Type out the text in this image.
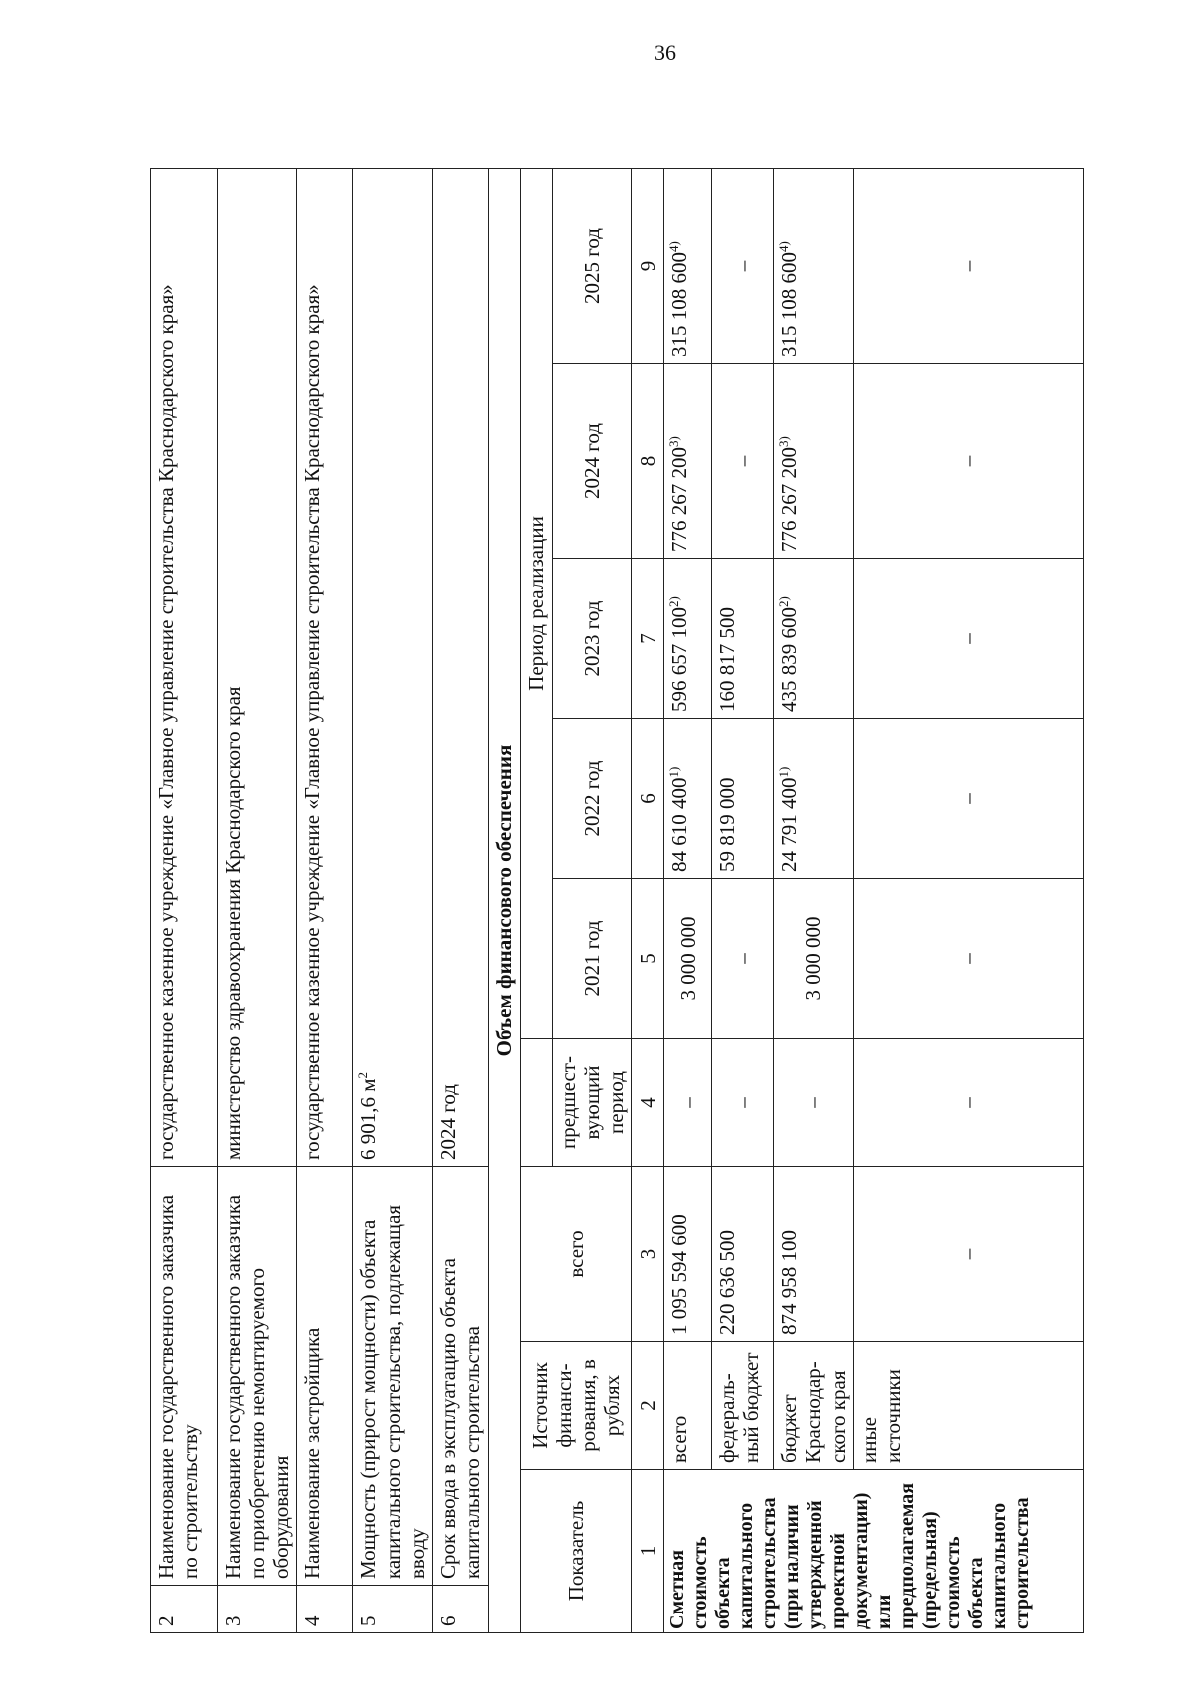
36
2
Наименование государственного заказчика по строительству			государственное казенное учреждение «Главное управление строительства Краснодарского края»					

3
Наименование государственного заказчика по приобретению немонтируемого оборудования			министерство здравоохранения Краснодарского края					

4
Наименование застройщика			государственное казенное учреждение «Главное управление строительства Краснодарского края»					

5
Мощность (прирост мощности) объекта капитального строительства, подлежащая вводу			6 901,6 $м^2$

6
Срок ввода в эксплуатацию объекта капитального строительства			2024 год					
Объем финансового обеспечения								
Показатель	Источник финанси-рования, в рублях	всего		Период реализации				
			предшест-вующий период	2021 год	2022 год	2023 год	2024 год	2025 год
1	2	3	4	5	6	7	8	9
Сметная стоимость объекта капитального строительства (при наличии утвержденной проектной документации) или предполагаемая (предельная) стоимость объекта капитального строительства	всего	1 095 594 600	–	3 000 000	84 610 400$^{1)}$	596 657 100$^{2)}$	776 267 200$^{3)}$	315 108 600$^{4)}$
	федераль-ный бюджет	220 636 500	–	–	59 819 000	160 817 500	–	–
	бюджет Краснодар-ского края	874 958 100	–	3 000 000	24 791 400$^{1)}$	435 839 600$^{2)}$	776 267 200$^{3)}$	315 108 600$^{4)}$
	иные источники	–	–	–	–	–	–	–
